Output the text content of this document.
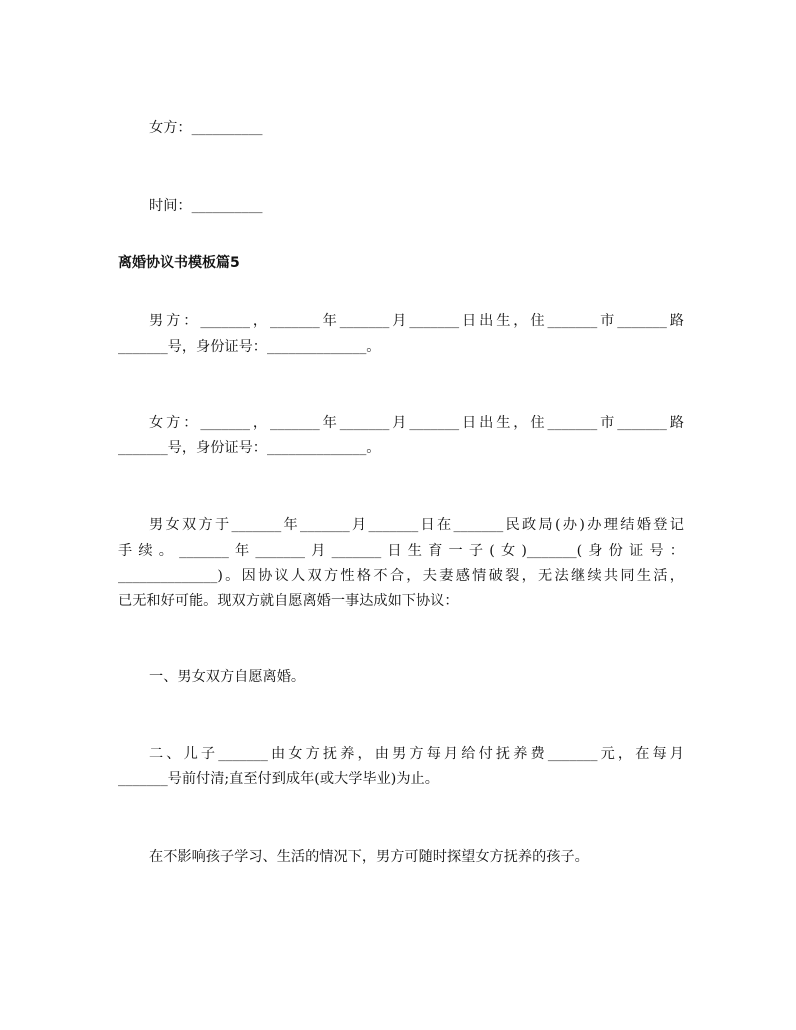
女方：__________

时间：__________

离婚协议书模板篇5

男方：_______，_______年_______月_______日出生，住_______市_______路

_______号，身份证号：______________。

女方：_______，_______年_______月_______日出生，住_______市_______路

_______号，身份证号：______________。

男女双方于_______年_______月_______日在_______民政局(办)办理结婚登记

手续。_______年_______月_______日生育一子(女)_______(身份证号：

______________)。因协议人双方性格不合，夫妻感情破裂，无法继续共同生活，

已无和好可能。现双方就自愿离婚一事达成如下协议：

一、男女双方自愿离婚。

二、儿子_______由女方抚养，由男方每月给付抚养费_______元，在每月

_______号前付清;直至付到成年(或大学毕业)为止。

在不影响孩子学习、生活的情况下，男方可随时探望女方抚养的孩子。
